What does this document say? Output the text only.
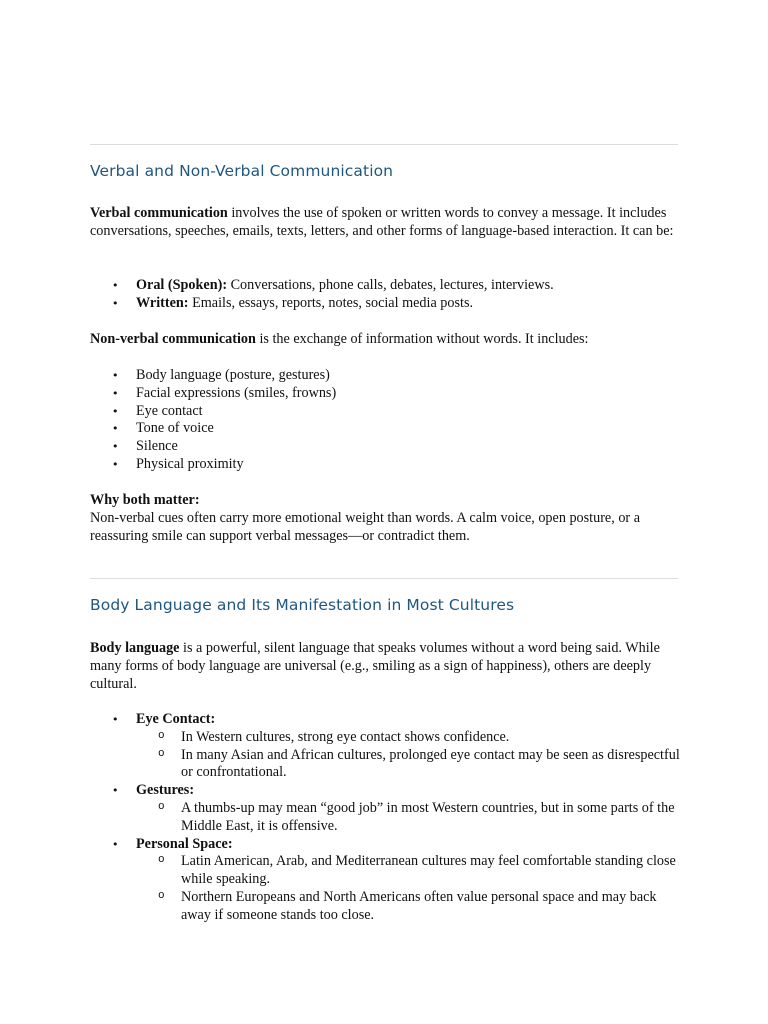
Verbal and Non-Verbal Communication

Verbal communication involves the use of spoken or written words to convey a message. It includes conversations, speeches, emails, texts, letters, and other forms of language-based interaction. It can be:

• Oral (Spoken): Conversations, phone calls, debates, lectures, interviews.
• Written: Emails, essays, reports, notes, social media posts.

Non-verbal communication is the exchange of information without words. It includes:

• Body language (posture, gestures)
• Facial expressions (smiles, frowns)
• Eye contact
• Tone of voice
• Silence
• Physical proximity

Why both matter:
Non-verbal cues often carry more emotional weight than words. A calm voice, open posture, or a reassuring smile can support verbal messages—or contradict them.

Body Language and Its Manifestation in Most Cultures

Body language is a powerful, silent language that speaks volumes without a word being said. While many forms of body language are universal (e.g., smiling as a sign of happiness), others are deeply cultural.

• Eye Contact:
o In Western cultures, strong eye contact shows confidence.
o In many Asian and African cultures, prolonged eye contact may be seen as disrespectful or confrontational.
• Gestures:
o A thumbs-up may mean “good job” in most Western countries, but in some parts of the Middle East, it is offensive.
• Personal Space:
o Latin American, Arab, and Mediterranean cultures may feel comfortable standing close while speaking.
o Northern Europeans and North Americans often value personal space and may back away if someone stands too close.
